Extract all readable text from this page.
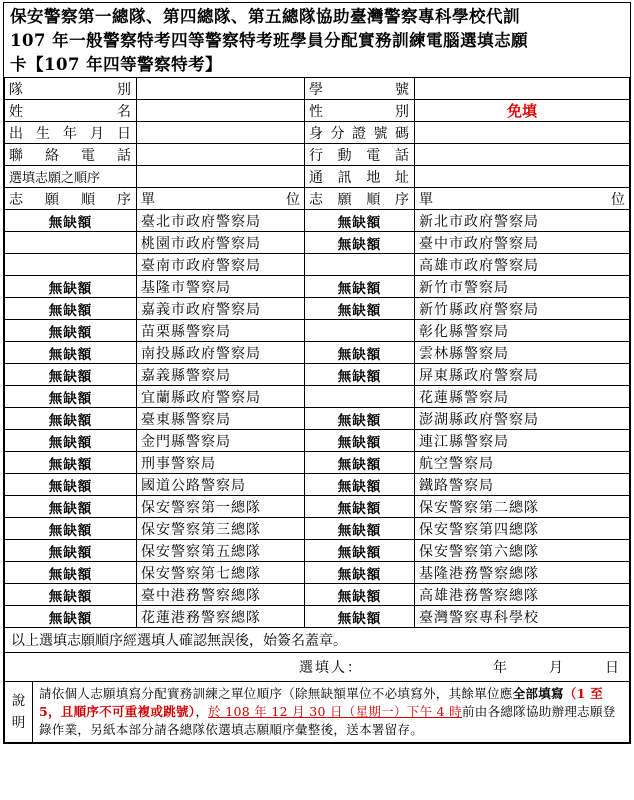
保安警察第一總隊、第四總隊、第五總隊協助臺灣警察專科學校代訓
107 年一般警察特考四等警察特考班學員分配實務訓練電腦選填志願
卡【107 年四等警察特考】
隊別		學號	
姓名		性別	免填
出生年月日		身分證號碼	
聯絡電話		行動電話	
選填志願之順序		通訊地址	
志願順序	單 位	志願順序	單 位

無缺額	臺北市政府警察局	無缺額	新北市政府警察局
	桃園市政府警察局	無缺額	臺中市政府警察局
	臺南市政府警察局		高雄市政府警察局
無缺額	基隆市警察局	無缺額	新竹市警察局
無缺額	嘉義市政府警察局	無缺額	新竹縣政府警察局
無缺額	苗栗縣警察局		彰化縣警察局
無缺額	南投縣政府警察局	無缺額	雲林縣警察局
無缺額	嘉義縣警察局	無缺額	屏東縣政府警察局
無缺額	宜蘭縣政府警察局		花蓮縣警察局
無缺額	臺東縣警察局	無缺額	澎湖縣政府警察局
無缺額	金門縣警察局	無缺額	連江縣警察局
無缺額	刑事警察局	無缺額	航空警察局
無缺額	國道公路警察局	無缺額	鐵路警察局
無缺額	保安警察第一總隊	無缺額	保安警察第二總隊
無缺額	保安警察第三總隊	無缺額	保安警察第四總隊
無缺額	保安警察第五總隊	無缺額	保安警察第六總隊
無缺額	保安警察第七總隊	無缺額	基隆港務警察總隊
無缺額	臺中港務警察總隊	無缺額	高雄港務警察總隊
無缺額	花蓮港務警察總隊	無缺額	臺灣警察專科學校
以上選填志願順序經選填人確認無誤後，始簽名蓋章。			

選填人： 年 月 日			
說
明
	請依個人志願填寫分配實務訓練之單位順序（除無缺額單位不必填寫外，其餘單位應全部填寫（1 至 5，且順序不可重複或跳號），於 108 年 12 月 30 日（星期一）下午 4 時前由各總隊協助辦理志願登錄作業，另紙本部分請各總隊依選填志願順序彙整後，送本署留存。
